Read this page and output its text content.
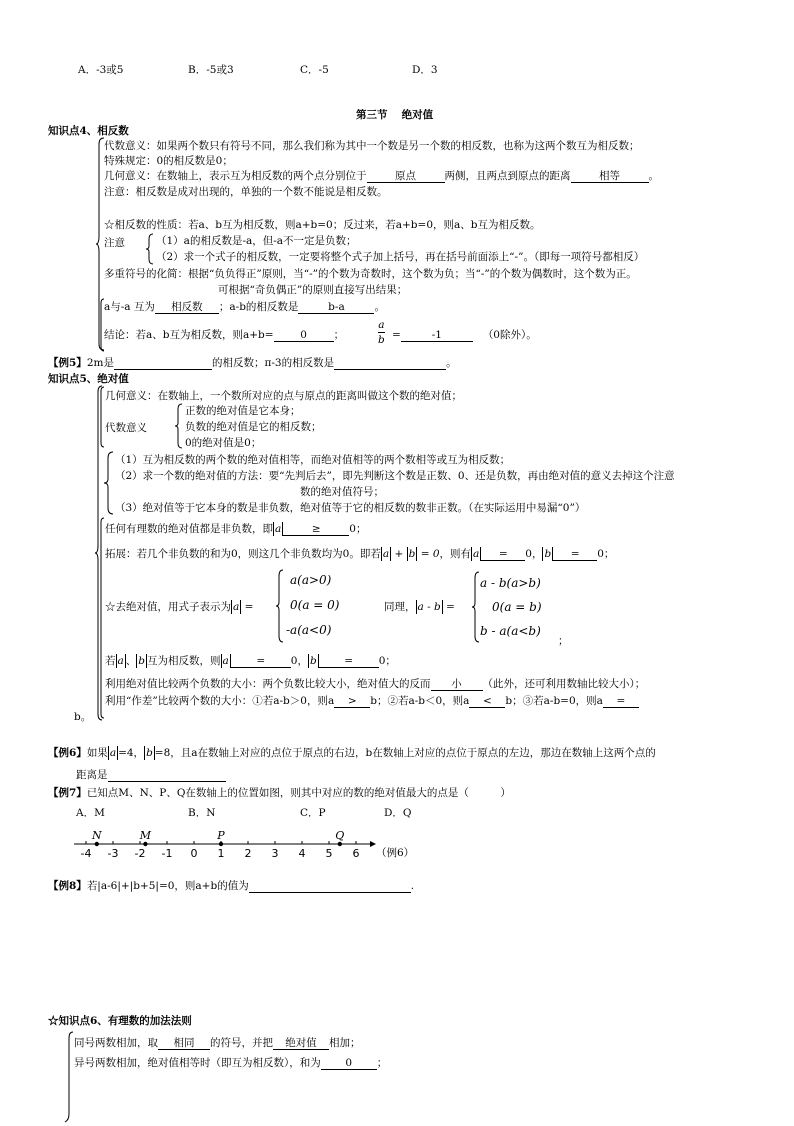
A．-3或5	B．-5或3	C．-5	D．3
第三节　 绝对值
知识点4、相反数
代数意义：如果两个数只有符号不同，那么我们称为其中一个数是另一个数的相反数，也称为这两个数互为相反数；
特殊规定：0的相反数是0；
几何意义：在数轴上，表示互为相反数的两个点分别位于	原点	两侧，且两点到原点的距离	相等	。
注意：相反数是成对出现的，单独的一个数不能说是相反数。
☆相反数的性质：若a、b互为相反数，则a+b=0；反过来，若a+b=0，则a、b互为相反数。
注意	（1）a的相反数是-a，但-a不一定是负数；
（2）求一个式子的相反数，一定要将整个式子加上括号，再在括号前面添上“-”。（即每一项符号都相反）
多重符号的化简：根据“负负得正”原则，当“-”的个数为奇数时，这个数为负；当“-”的个数为偶数时，这个数为正。
可根据“奇负偶正”的原则直接写出结果；
a与-a 互为 相反数 ；a-b的相反数是	b-a	。
结论：若a、b互为相反数，则a+b=	0	；	$\frac{a}{b}$ =	-1	（0除外）。
【例5】2m是	的相反数；π-3的相反数是	。
知识点5、绝对值
几何意义：在数轴上，一个数所对应的点与原点的距离叫做这个数的绝对值；
代数意义
正数的绝对值是它本身；
负数的绝对值是它的相反数；
0的绝对值是0；
（1）互为相反数的两个数的绝对值相等，而绝对值相等的两个数相等或互为相反数；
（2）求一个数的绝对值的方法：要“先判后去”，即先判断这个数是正数、0、还是负数，再由绝对值的意义去掉这个注意
数的绝对值符号；
（3）绝对值等于它本身的数是非负数，绝对值等于它的相反数的数非正数。（在实际运用中易漏“0”）
任何有理数的绝对值都是非负数，即 a	≥	0；
拓展：若几个非负数的和为0，则这几个非负数均为0。即若 a + b = 0，则有 a = 0， b = 0；
☆去绝对值，用式子表示为 a =
a(a>0)
0(a = 0)
-a(a<0)
同理， a - b =
a - b(a>b)
0(a = b)
b - a(a<b)
；
若 a 、 b 互为相反数，则 a	= 0， b	= 0；
利用绝对值比较两个负数的大小：两个负数比较大小，绝对值大的反而 小 （此外，还可利用数轴比较大小）；
利用“作差”比较两个数的大小：①若a-b＞0，则a > b；②若a-b＜0，则a < b；③若a-b=0，则a =
b。
【例6】如果 a =4， b =8，且a在数轴上对应的点位于原点的右边，b在数轴上对应的点位于原点的左边，那边在数轴上这两个点的
距离是
【例7】已知点M、N、P、Q在数轴上的位置如图，则其中对应的数的绝对值最大的点是（　　　）
A．M	B．N	C．P	D．Q
-4 -3 -2 -1 0 1 2 3 4 5 6
N	M	P	Q
（例6）
【例8】若|a-6|+|b+5|=0，则a+b的值为	.
☆知识点6、有理数的加法法则
同号两数相加，取 相同 的符号，并把 绝对值 相加；
异号两数相加，绝对值相等时（即互为相反数），和为 0 ；
